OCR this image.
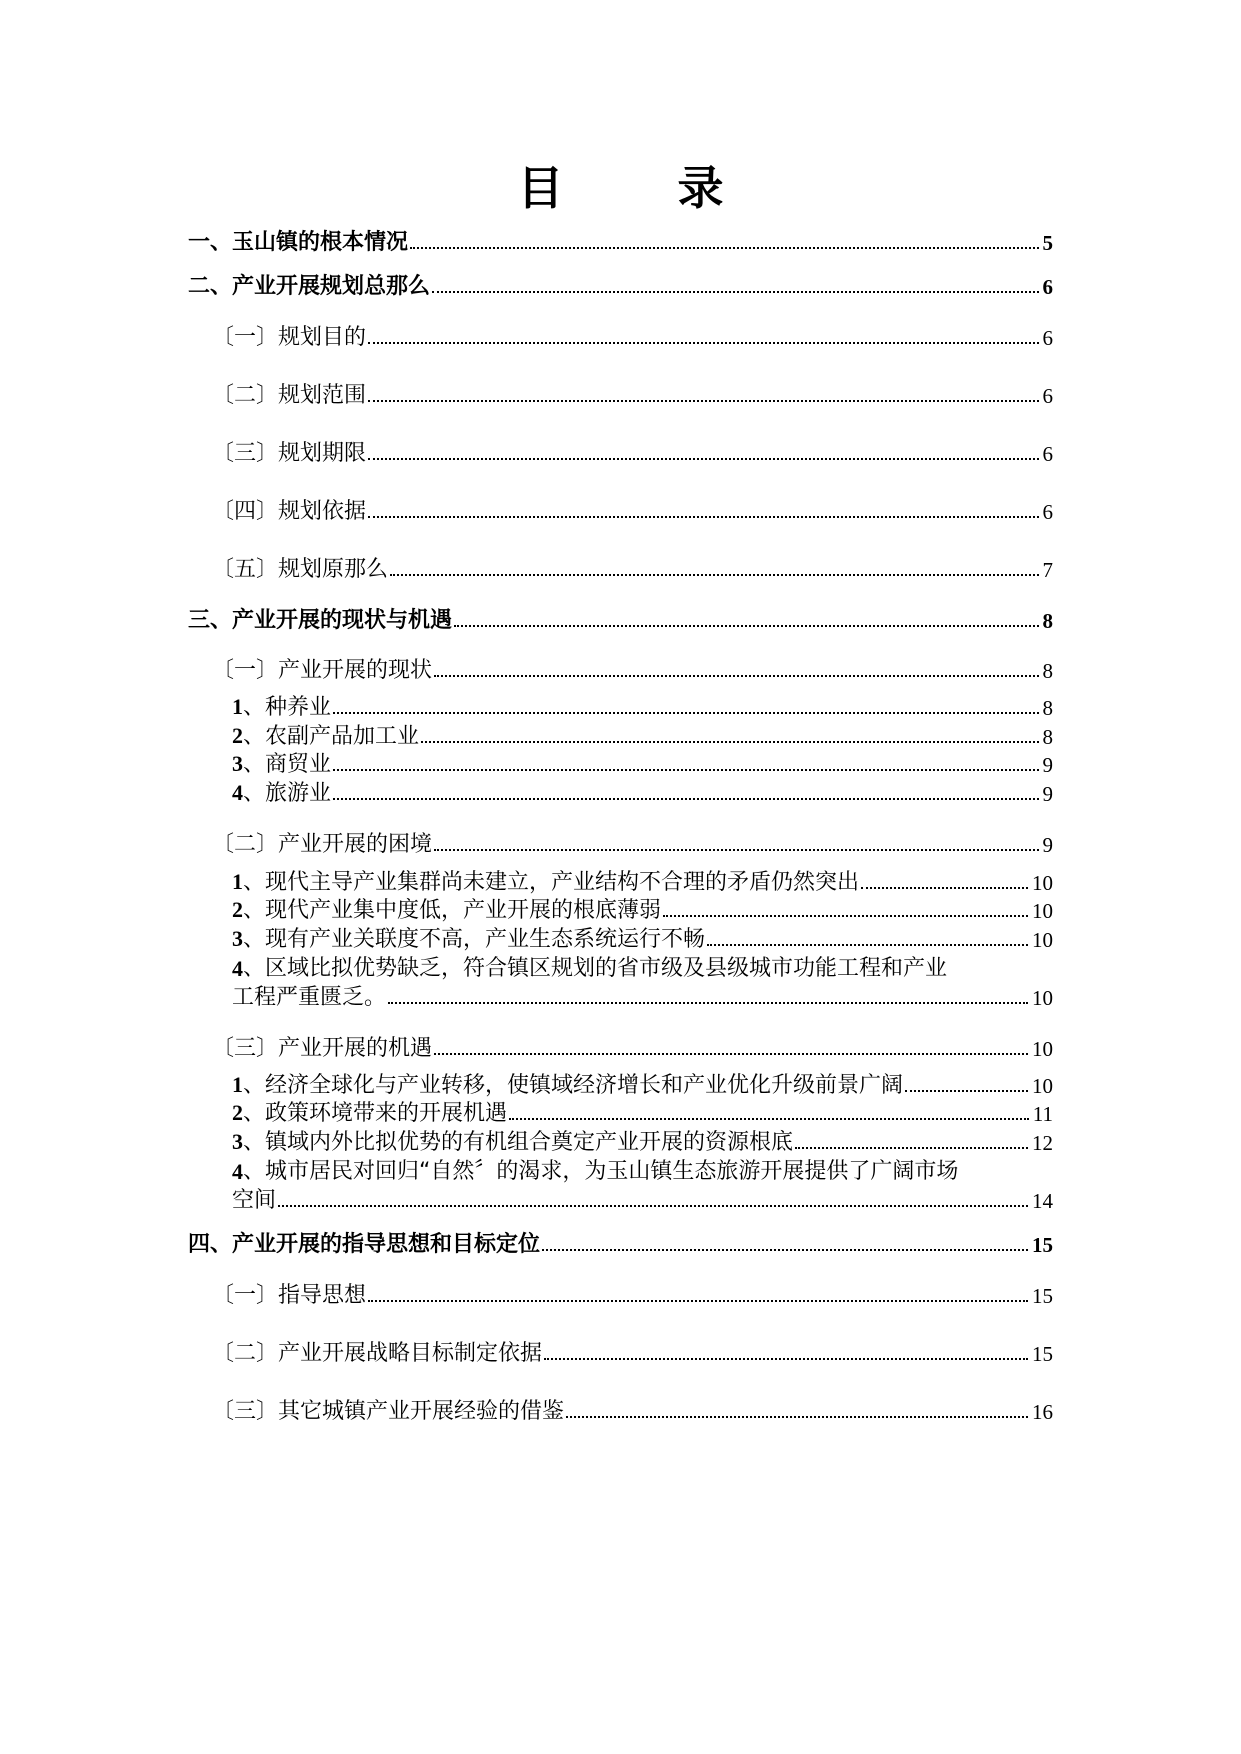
目　录
一、玉山镇的根本情况	5
二、产业开展规划总那么	6
〔一〕规划目的	6
〔二〕规划范围	6
〔三〕规划期限	6
〔四〕规划依据	6
〔五〕规划原那么	7
三、产业开展的现状与机遇	8
〔一〕产业开展的现状	8
1、种养业	8
2、农副产品加工业	8
3、商贸业	9
4、旅游业	9
〔二〕产业开展的困境	9
1、现代主导产业集群尚未建立，产业结构不合理的矛盾仍然突出	10
2、现代产业集中度低，产业开展的根底薄弱	10
3、现有产业关联度不高，产业生态系统运行不畅	10
4 、区域比拟优势缺乏，符合镇区规划的省市级及县级城市功能工程和产业
工程严重匮乏。	10
〔三〕产业开展的机遇	10
1、经济全球化与产业转移，使镇域经济增长和产业优化升级前景广阔	10
2、政策环境带来的开展机遇	11
3、镇域内外比拟优势的有机组合奠定产业开展的资源根底	12
4 、城市居民对回归“自然〞的渴求，为玉山镇生态旅游开展提供了广阔市场
空间	14
四、产业开展的指导思想和目标定位	15
〔一〕指导思想	15
〔二〕产业开展战略目标制定依据	15
〔三〕其它城镇产业开展经验的借鉴	16
